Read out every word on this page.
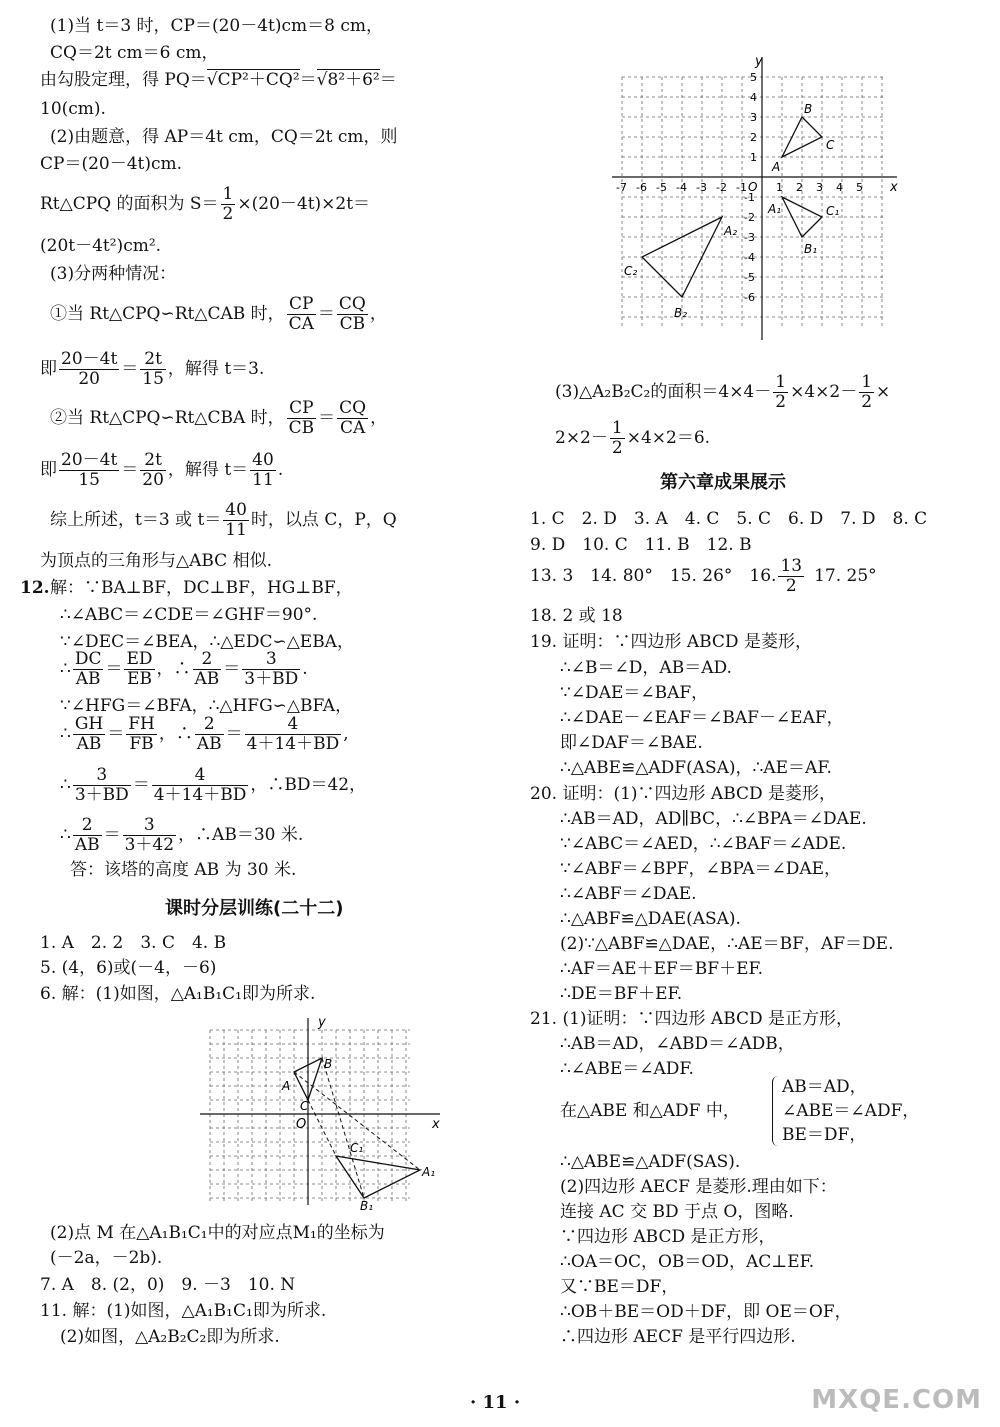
(1)当 t＝3 时，CP＝(20－4t)cm＝8 cm，
CQ＝2t cm＝6 cm，
由勾股定理，得 PQ＝√CP²＋CQ²＝√8²＋6²＝
10(cm).
(2)由题意，得 AP＝4t cm，CQ＝2t cm，则
CP＝(20－4t)cm.
Rt△CPQ 的面积为 $S= \frac{1}{2} \times(20-4t)\times 2t=$
(20t－4t²)cm².
(3)分两种情况：
①当 Rt△CPQ∽Rt△CAB 时， $\frac{CP}{CA} = \frac{CQ}{CB}$ ，
即 $\frac{20-4t}{20} = \frac{2t}{15}$ ，解得 t＝3.
②当 Rt△CPQ∽Rt△CBA 时， $\frac{CP}{CB} = \frac{CQ}{CA}$ ，
即 $\frac{20-4t}{15} = \frac{2t}{20}$ ，解得 $t= \frac{40}{11}$ .
综上所述，t＝3 或 $t= \frac{40}{11}$ 时，以点 C，P，Q
为顶点的三角形与△ABC 相似.
12. 解：∵BA⊥BF，DC⊥BF，HG⊥BF，
∴∠ABC＝∠CDE＝∠GHF＝90°.
∵∠DEC＝∠BEA，∴△EDC∽△EBA，
∴ $\frac{DC}{AB} = \frac{ED}{EB}$ ，∴ $\frac{2}{AB} = \frac{3}{3+BD}$ .
∵∠HFG＝∠BFA，∴△HFG∽△BFA，
∴ $\frac{GH}{AB} = \frac{FH}{FB}$ ，∴ $\frac{2}{AB} = \frac{4}{4+14+BD}$ ,
∴ $\frac{3}{3+BD} = \frac{4}{4+14+BD}$ ，∴BD＝42，
∴ $\frac{2}{AB} = \frac{3}{3+42}$ ，∴AB＝30 米.
答：该塔的高度 AB 为 30 米.
课时分层训练(二十二)
1. A　2. 2　3. C　4. B
5. (4，6)或(－4，－6)
6. 解：(1)如图，△A₁B₁C₁即为所求.
y
x
O
A
B
C
A₁
B₁
C₁
(2)点 M 在△A₁B₁C₁中的对应点M₁的坐标为
(－2a，－2b).
7. A　8. (2，0)　9. －3　10. N
11. 解：(1)如图，△A₁B₁C₁即为所求.
(2)如图，△A₂B₂C₂即为所求.
y
x
O
-7 -6 -5 -4 -3 -2 -1	1 2 3 4 5
5
4
3
2
1
-1
-2
-3
-4
-5
-6
A
B
C
A₁
B₁
C₁
A₂
B₂
C₂
(3)△A₂B₂C₂的面积$=4\times 4- \frac{1}{2} \times 4\times 2- \frac{1}{2}$ ×
$2\times 2- \frac{1}{2} \times 4\times 2=6$.
第六章成果展示
1. C　2. D　3. A　4. C　5. C　6. D　7. D　8. C
9. D　10. C　11. B　12. B
13. 3　14. 80°　15. 26°　16. $\frac{13}{2} 17$. 25°
18. 2 或 18
19. 证明：∵四边形 ABCD 是菱形，
∴∠B＝∠D，AB＝AD.
∵∠DAE＝∠BAF，
∴∠DAE－∠EAF＝∠BAF－∠EAF，
即∠DAF＝∠BAE.
∴△ABE≌△ADF(ASA)，∴AE＝AF.
20. 证明：(1)∵四边形 ABCD 是菱形，
∴AB＝AD，AD∥BC，∴∠BPA＝∠DAE.
∵∠ABC＝∠AED，∴∠BAF＝∠ADE.
∵∠ABF＝∠BPF，∠BPA＝∠DAE，
∴∠ABF＝∠DAE.
∴△ABF≌△DAE(ASA).
(2)∵△ABF≌△DAE，∴AE＝BF，AF＝DE.
∴AF＝AE＋EF＝BF＋EF.
∴DE＝BF＋EF.
21. (1)证明：∵四边形 ABCD 是正方形，
∴AB＝AD，∠ABD＝∠ADB，
∴∠ABE＝∠ADF.
在△ABE 和△ADF 中，
AB＝AD，
∠ABE＝∠ADF，
BE＝DF，
∴△ABE≌△ADF(SAS).
(2)四边形 AECF 是菱形.理由如下：
连接 AC 交 BD 于点 O，图略.
∵四边形 ABCD 是正方形，
∴OA＝OC，OB＝OD，AC⊥EF.
又∵BE＝DF，
∴OB＋BE＝OD＋DF，即 OE＝OF，
∴四边形 AECF 是平行四边形.
· 11 ·	MXQE.COM
